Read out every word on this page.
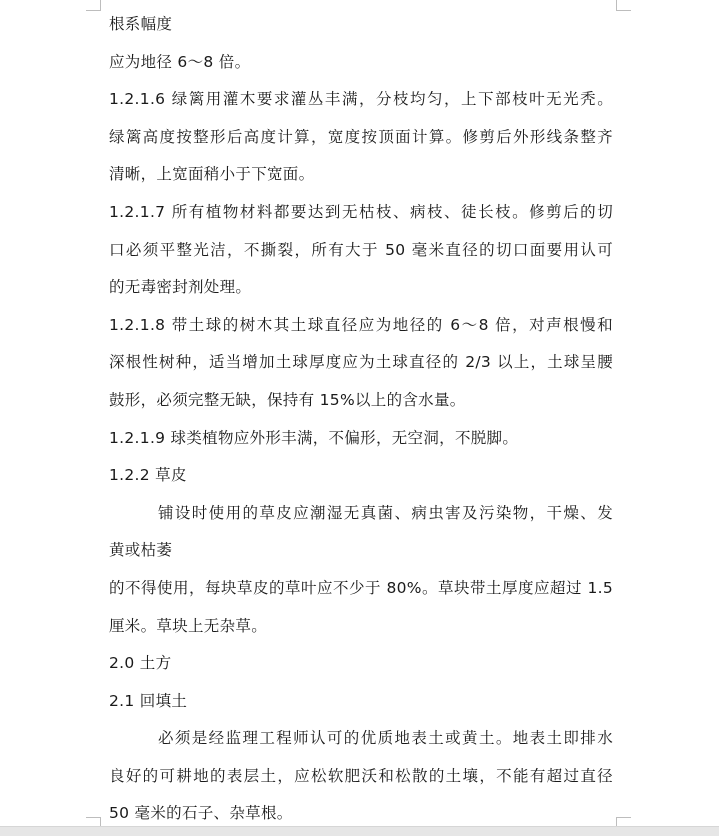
根系幅度
应为地径 6～8 倍。
1.2.1.6 绿篱用灌木要求灌丛丰满，分枝均匀，上下部枝叶无光秃。
绿篱高度按整形后高度计算，宽度按顶面计算。修剪后外形线条整齐
清晰，上宽面稍小于下宽面。
1.2.1.7 所有植物材料都要达到无枯枝、病枝、徒长枝。修剪后的切
口必须平整光洁，不撕裂，所有大于 50 毫米直径的切口面要用认可
的无毒密封剂处理。
1.2.1.8 带土球的树木其土球直径应为地径的 6～8 倍，对声根慢和
深根性树种，适当增加土球厚度应为土球直径的 2/3 以上，土球呈腰
鼓形，必须完整无缺，保持有 15%以上的含水量。
1.2.1.9 球类植物应外形丰满，不偏形，无空洞，不脱脚。
1.2.2 草皮
铺设时使用的草皮应潮湿无真菌、病虫害及污染物，干燥、发
黄或枯萎
的不得使用，每块草皮的草叶应不少于 80%。草块带土厚度应超过 1.5
厘米。草块上无杂草。
2.0 土方
2.1 回填土
必须是经监理工程师认可的优质地表土或黄土。地表土即排水
良好的可耕地的表层土，应松软肥沃和松散的土壤，不能有超过直径
50 毫米的石子、杂草根。
